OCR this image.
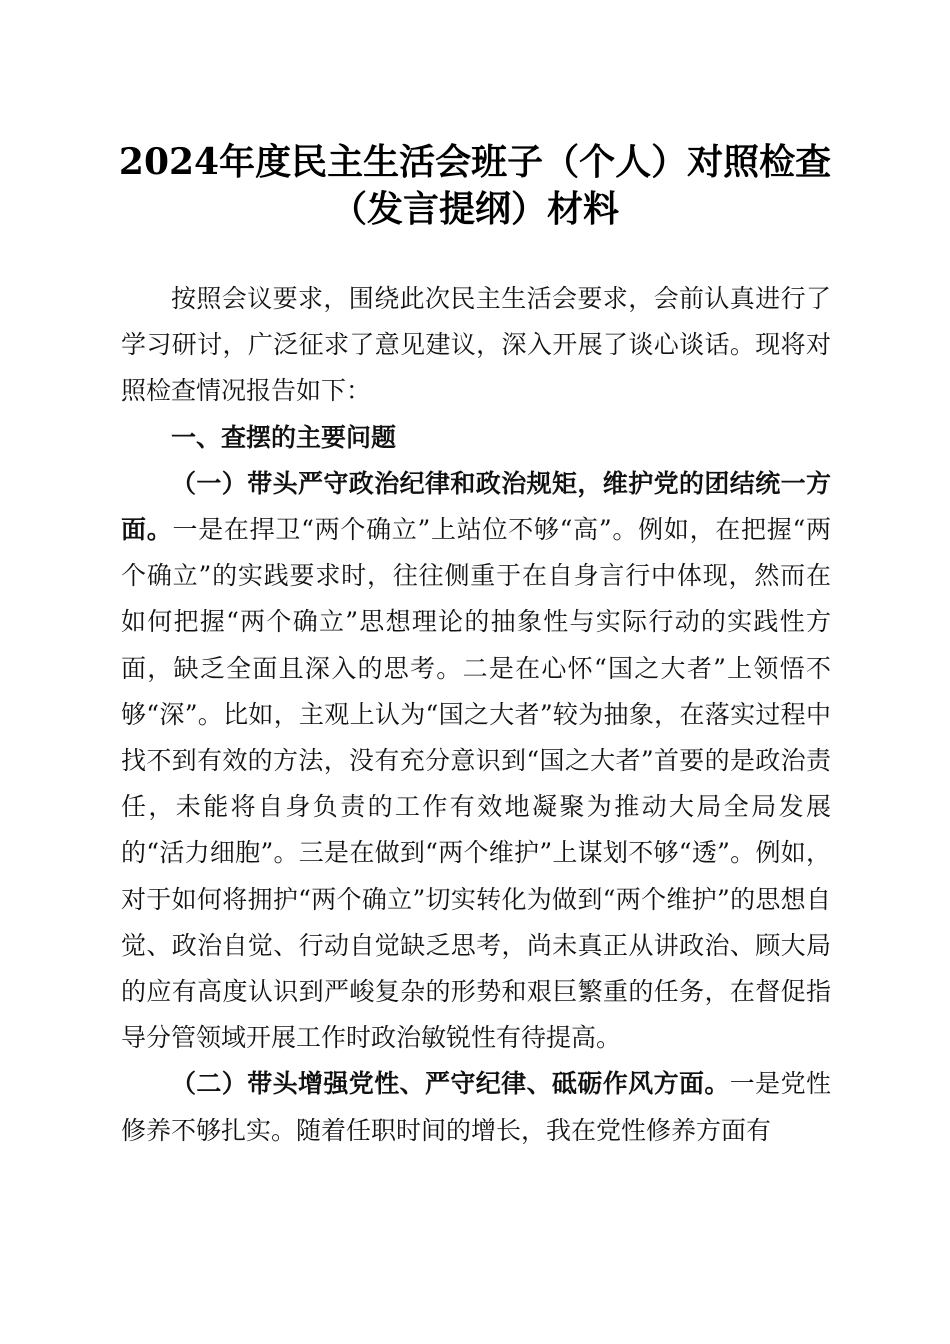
2024年度民主生活会班子（个人）对照检查
（发言提纲）材料

按照会议要求，围绕此次民主生活会要求，会前认真进行了学习研讨，广泛征求了意见建议，深入开展了谈心谈话。现将对照检查情况报告如下：

一、查摆的主要问题

（一）带头严守政治纪律和政治规矩，维护党的团结统一方面。一是在捍卫“两个确立”上站位不够“高”。例如，在把握“两个确立”的实践要求时，往往侧重于在自身言行中体现，然而在如何把握“两个确立”思想理论的抽象性与实际行动的实践性方面，缺乏全面且深入的思考。二是在心怀“国之大者”上领悟不够“深”。比如，主观上认为“国之大者”较为抽象，在落实过程中找不到有效的方法，没有充分意识到“国之大者”首要的是政治责任，未能将自身负责的工作有效地凝聚为推动大局全局发展的“活力细胞”。三是在做到“两个维护”上谋划不够“透”。例如，对于如何将拥护“两个确立”切实转化为做到“两个维护”的思想自觉、政治自觉、行动自觉缺乏思考，尚未真正从讲政治、顾大局的应有高度认识到严峻复杂的形势和艰巨繁重的任务，在督促指导分管领域开展工作时政治敏锐性有待提高。

（二）带头增强党性、严守纪律、砥砺作风方面。一是党性修养不够扎实。随着任职时间的增长，我在党性修养方面有
